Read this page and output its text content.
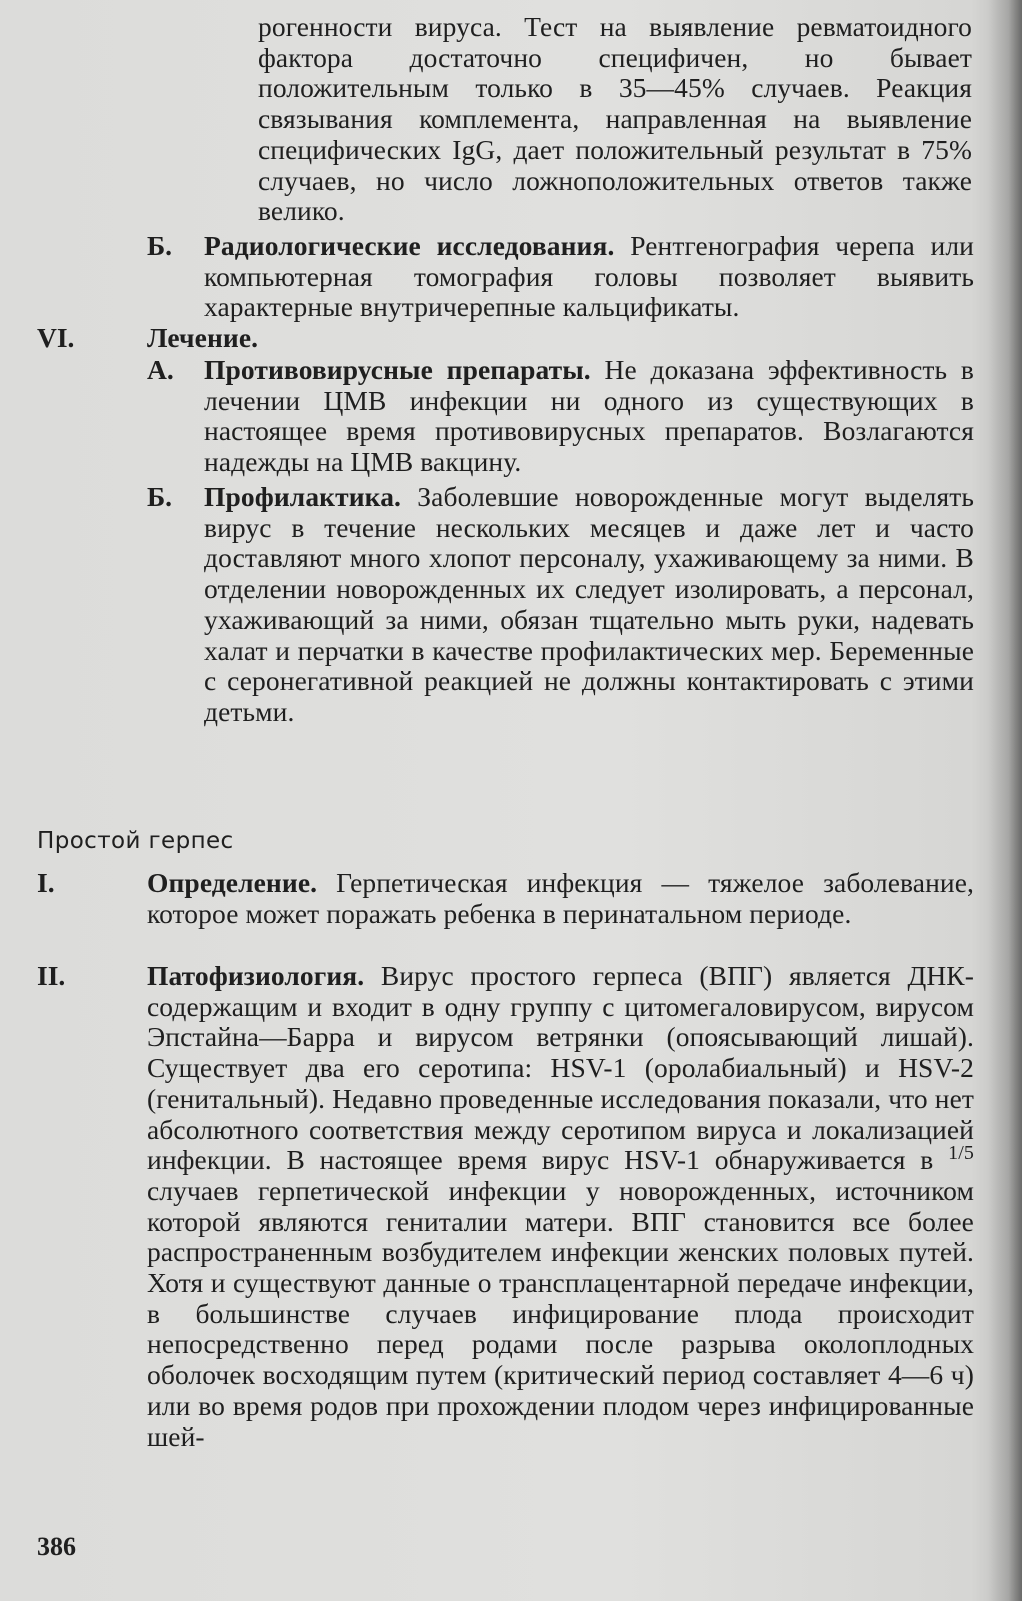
рогенности вируса. Тест на выявление ревматоидного фактора достаточно специфичен, но бывает положительным только в 35—45% случаев. Реакция связывания комплемента, направленная на выявление специфических IgG, дает положительный результат в 75% случаев, но число ложноположительных ответов также велико.
Б. Радиологические исследования. Рентгенография черепа или компьютерная томография головы позволяет выявить характерные внутричерепные кальцификаты.
VI.	Лечение.
А. Противовирусные препараты. Не доказана эффективность в лечении ЦМВ инфекции ни одного из существующих в настоящее время противовирусных препаратов. Возлагаются надежды на ЦМВ вакцину.
Б. Профилактика. Заболевшие новорожденные могут выделять вирус в течение нескольких месяцев и даже лет и часто доставляют много хлопот персоналу, ухаживающему за ними. В отделении новорожденных их следует изолировать, а персонал, ухаживающий за ними, обязан тщательно мыть руки, надевать халат и перчатки в качестве профилактических мер. Беременные с серонегативной реакцией не должны контактировать с этими детьми.
Простой герпес
I.	Определение. Герпетическая инфекция — тяжелое заболевание, которое может поражать ребенка в перинатальном периоде.
II.	Патофизиология. Вирус простого герпеса (ВПГ) является ДНК-содержащим и входит в одну группу с цитомегаловирусом, вирусом Эпстайна—Барра и вирусом ветрянки (опоясывающий лишай). Существует два его серотипа: HSV-1 (оролабиальный) и HSV-2 (генитальный). Недавно проведенные исследования показали, что нет абсолютного соответствия между серотипом вируса и локализацией инфекции. В настоящее время вирус HSV-1 обнаруживается в $^{1/5}$ случаев герпетической инфекции у новорожденных, источником которой являются гениталии матери. ВПГ становится все более распространенным возбудителем инфекции женских половых путей. Хотя и существуют данные о трансплацентарной передаче инфекции, в большинстве случаев инфицирование плода происходит непосредственно перед родами после разрыва околоплодных оболочек восходящим путем (критический период составляет 4—6 ч) или во время родов при прохождении плодом через инфицированные шей-
386
